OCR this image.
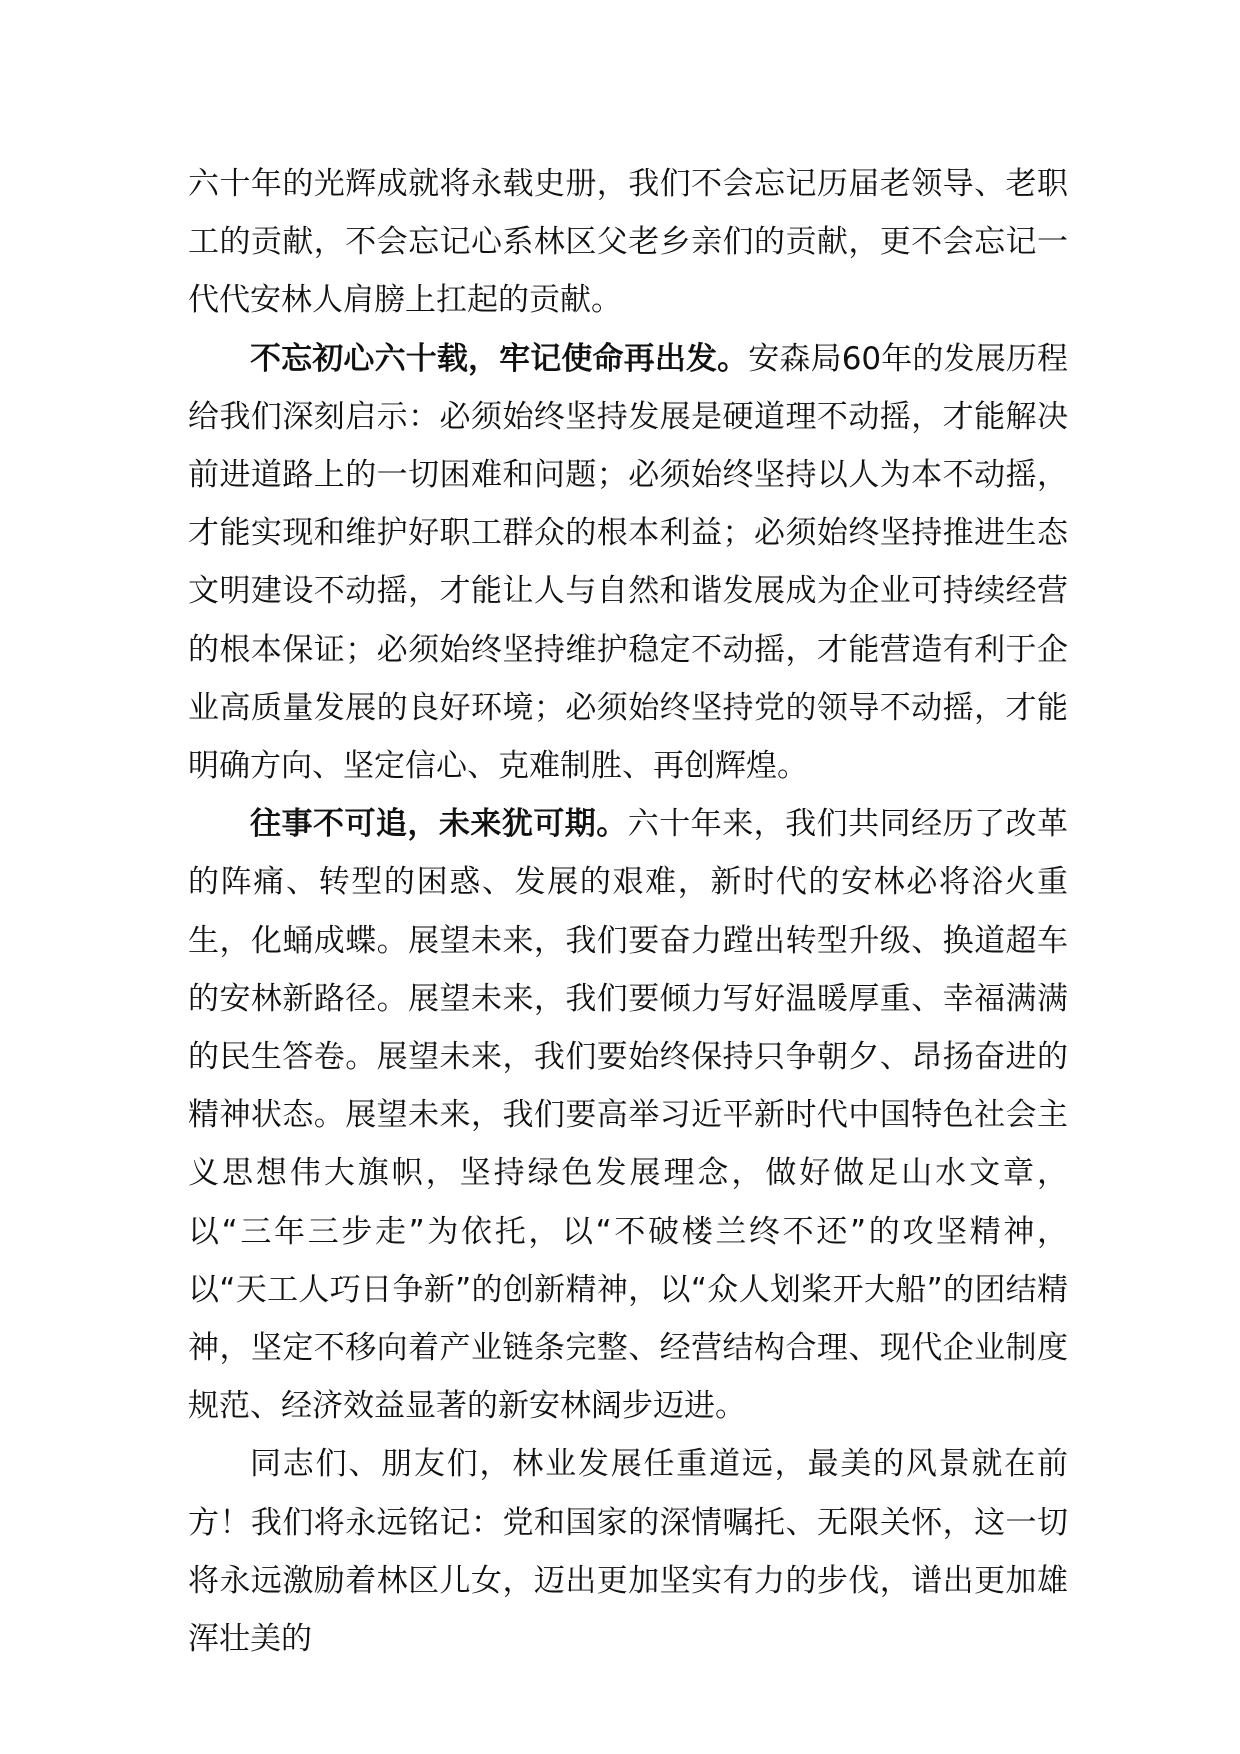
六十年的光辉成就将永载史册，我们不会忘记历届老领导、老职工的贡献，不会忘记心系林区父老乡亲们的贡献，更不会忘记一代代安林人肩膀上扛起的贡献。

不忘初心六十载，牢记使命再出发。安森局60年的发展历程给我们深刻启示：必须始终坚持发展是硬道理不动摇，才能解决前进道路上的一切困难和问题；必须始终坚持以人为本不动摇，才能实现和维护好职工群众的根本利益；必须始终坚持推进生态文明建设不动摇，才能让人与自然和谐发展成为企业可持续经营的根本保证；必须始终坚持维护稳定不动摇，才能营造有利于企业高质量发展的良好环境；必须始终坚持党的领导不动摇，才能明确方向、坚定信心、克难制胜、再创辉煌。

往事不可追，未来犹可期。六十年来，我们共同经历了改革的阵痛、转型的困惑、发展的艰难，新时代的安林必将浴火重生，化蛹成蝶。展望未来，我们要奋力蹚出转型升级、换道超车的安林新路径。展望未来，我们要倾力写好温暖厚重、幸福满满的民生答卷。展望未来，我们要始终保持只争朝夕、昂扬奋进的精神状态。展望未来，我们要高举习近平新时代中国特色社会主义思想伟大旗帜，坚持绿色发展理念，做好做足山水文章，以“三年三步走”为依托，以“不破楼兰终不还”的攻坚精神，以“天工人巧日争新”的创新精神，以“众人划桨开大船”的团结精神，坚定不移向着产业链条完整、经营结构合理、现代企业制度规范、经济效益显著的新安林阔步迈进。

同志们、朋友们，林业发展任重道远，最美的风景就在前方！我们将永远铭记：党和国家的深情嘱托、无限关怀，这一切将永远激励着林区儿女，迈出更加坚实有力的步伐，谱出更加雄浑壮美的
